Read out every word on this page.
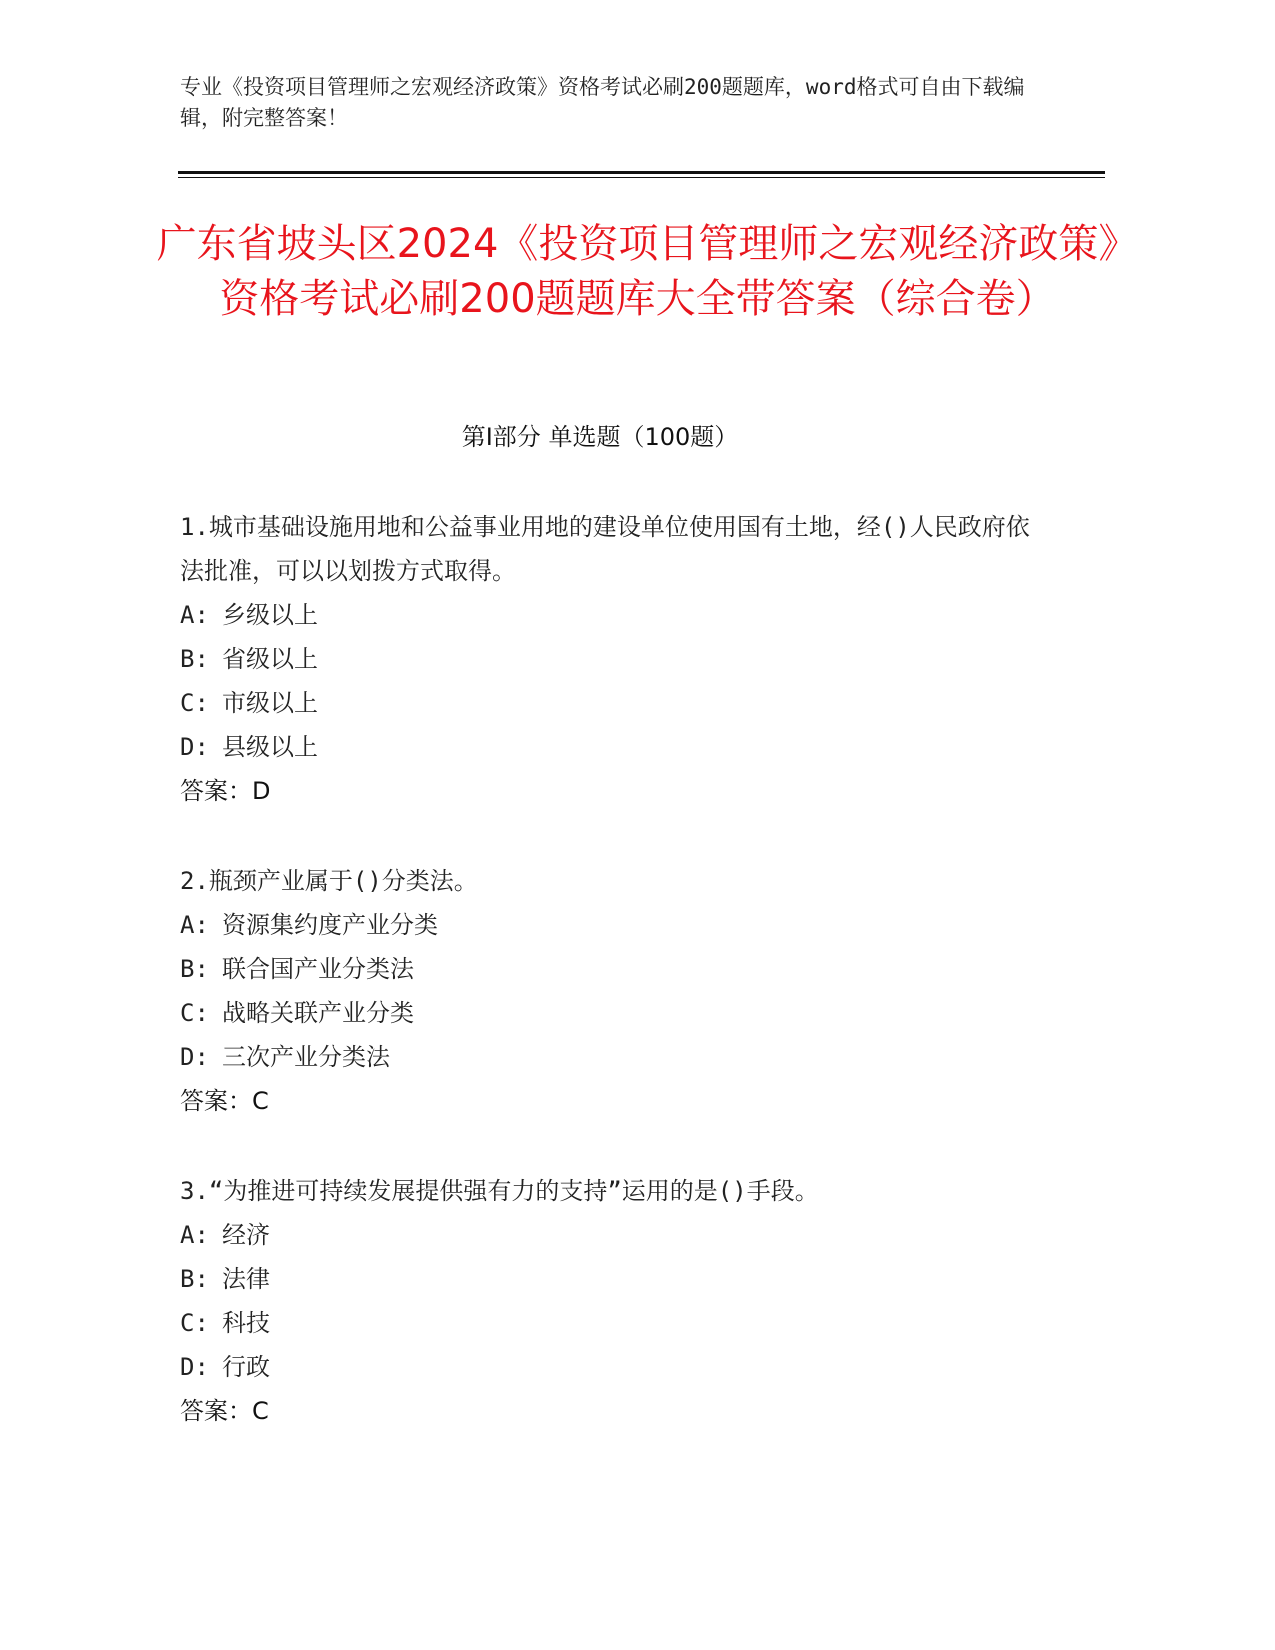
专业《投资项目管理师之宏观经济政策》资格考试必刷200题题库，word格式可自由下载编辑，附完整答案！
广东省坡头区2024《投资项目管理师之宏观经济政策》资格考试必刷200题题库大全带答案（综合卷）
第Ⅰ部分 单选题（100题）

1.城市基础设施用地和公益事业用地的建设单位使用国有土地，经()人民政府依法批准，可以以划拨方式取得。

A: 乡级以上

B: 省级以上

C: 市级以上

D: 县级以上

答案：D

2.瓶颈产业属于()分类法。

A: 资源集约度产业分类

B: 联合国产业分类法

C: 战略关联产业分类

D: 三次产业分类法

答案：C

3.“为推进可持续发展提供强有力的支持”运用的是()手段。

A: 经济

B: 法律

C: 科技

D: 行政

答案：C
